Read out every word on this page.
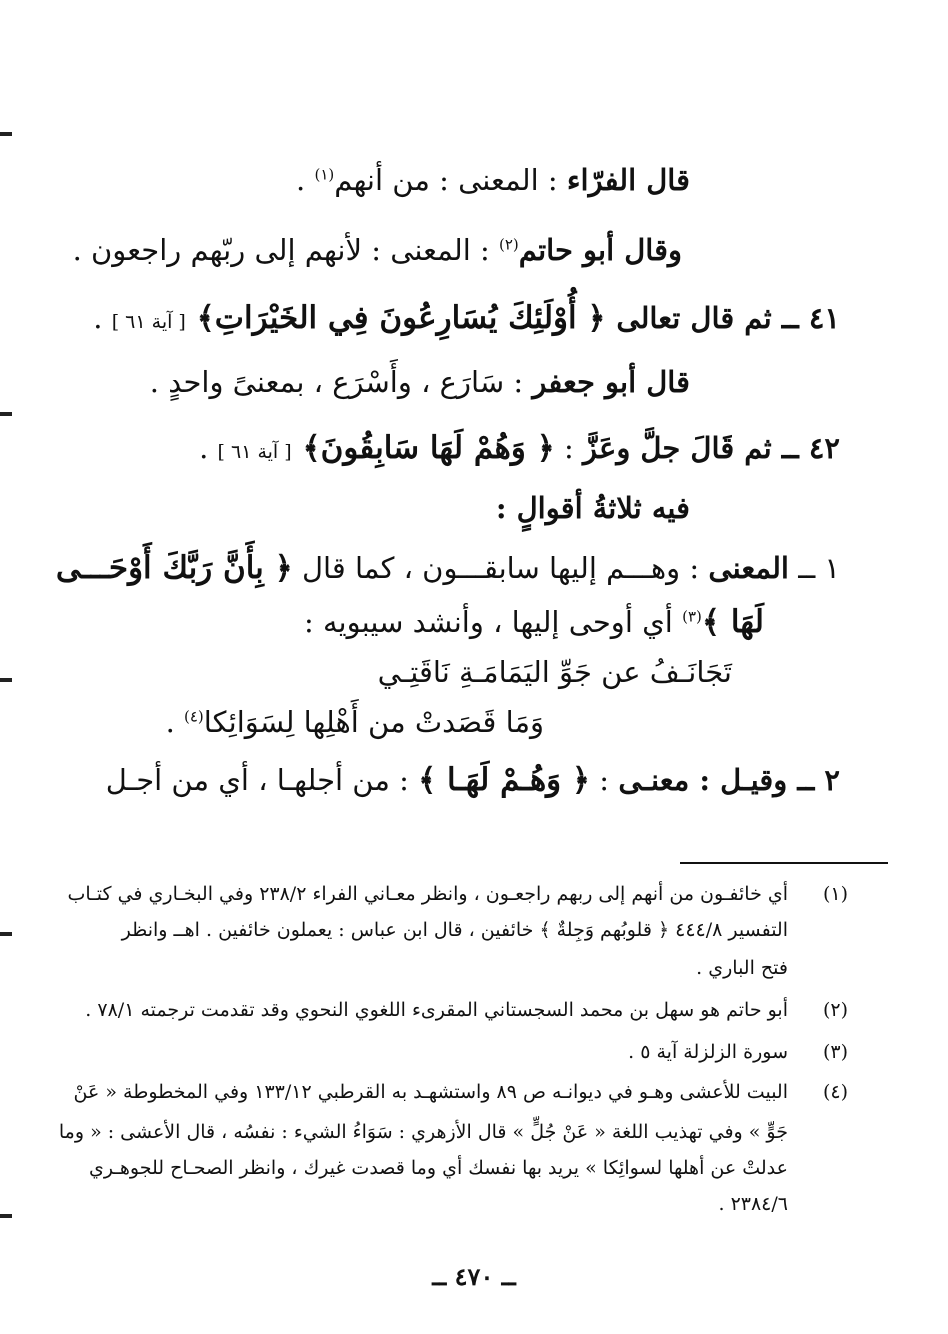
قال الفرّاء : المعنى : من أنهم$^{(١)}$ .
وقال أبو حاتم$^{(٢)}$ : المعنى : لأنهم إلى ربّهم راجعون .
٤١ ــ ثم قال تعالى ﴿ أُوْلَئِكَ يُسَارِعُونَ فِي الخَيْرَاتِ﴾ [ آية ٦١ ] .
قال أبو جعفر : سَارَع ، وأَسْرَع ، بمعنىً واحدٍ .
٤٢ ــ ثم قَالَ جلَّ وعَزَّ : ﴿ وَهُمْ لَهَا سَابِقُونَ﴾ [ آية ٦١ ] .
فيه ثلاثةُ أقوالٍ :
١ ــ المعنى : وهـــم إليها سابقـــون ، كما قال ﴿ بِأَنَّ رَبَّكَ أَوْحَـــى
لَهَا ﴾$^{(٣)}$ أي أوحى إليها ، وأنشد سيبويه :
تَجَانَـفُ عن جَوِّ اليَمَامَـةِ نَاقَتِـي
وَمَا قَصَدتْ من أَهْلِها لِسَوَائِكا$^{(٤)}$ .
٢ ــ وقيـل : معنـى : ﴿ وَهُـمْ لَهَـا ﴾ : من أجلهـا ، أي من أجـل
(١)
أي خائفـون من أنهم إلى ربهم راجعـون ، وانظر معـاني الفراء ٢٣٨/٢ وفي البخـاري في كتـاب
التفسير ٤٤٤/٨ ﴿ قلوبُهم وَجِلةٌ ﴾ خائفين ، قال ابن عباس : يعملون خائفين . اهــ وانظر
فتح الباري .
(٢)
أبو حاتم هو سهل بن محمد السجستاني المقرىء اللغوي النحوي وقد تقدمت ترجمته ٧٨/١ .
(٣)
سورة الزلزلة آية ٥ .
(٤)
البيت للأعشى وهـو في ديوانـه ص ٨٩ واستشهـد به القرطبي ١٣٣/١٢ وفي المخطوطة « عَنْ
جَوٍّ » وفي تهذيب اللغة « عَنْ جُلٍّ » قال الأزهري : سَوَاءُ الشيء : نفسُه ، قال الأعشى : « وما
عدلتْ عن أهلها لسوائِكا » يريد بها نفسك أي وما قصدت غيرك ، وانظر الصحـاح للجوهـري
٢٣٨٤/٦ .
ــ ٤٧٠ ــ
